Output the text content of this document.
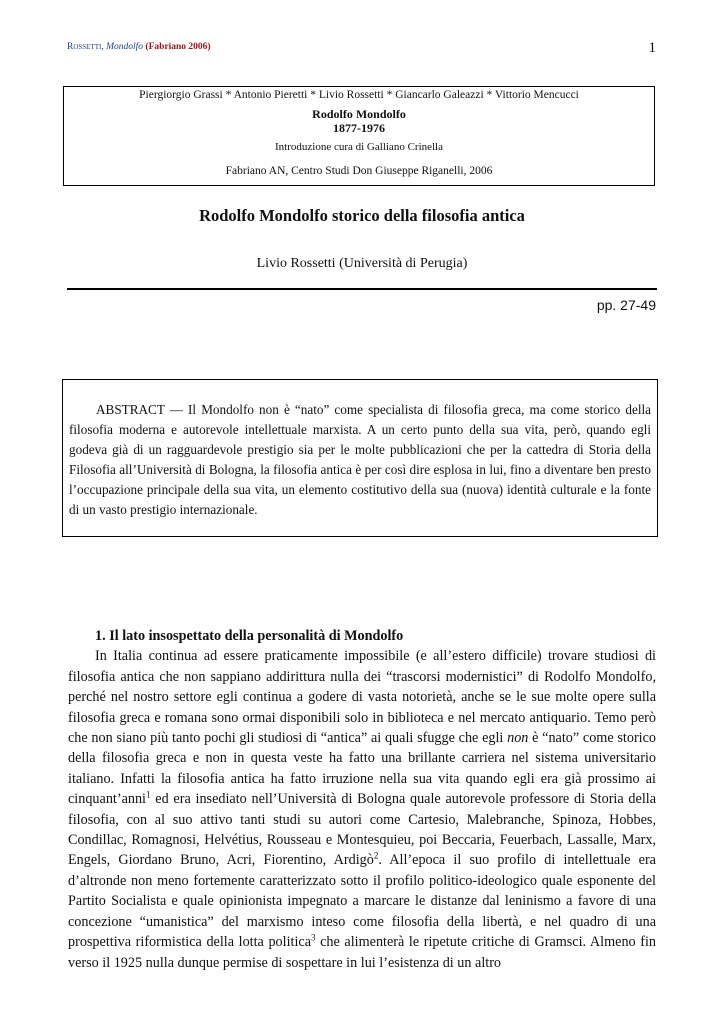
Rossetti, Mondolfo (Fabriano 2006)	1
Piergiorgio Grassi * Antonio Pieretti * Livio Rossetti * Giancarlo Galeazzi * Vittorio Mencucci
Rodolfo Mondolfo
1877-1976
Introduzione cura di Galliano Crinella
Fabriano AN, Centro Studi Don Giuseppe Riganelli, 2006
Rodolfo Mondolfo storico della filosofia antica
Livio Rossetti (Università di Perugia)
pp. 27-49
ABSTRACT — Il Mondolfo non è “nato” come specialista di filosofia greca, ma come storico della filosofia moderna e autorevole intellettuale marxista. A un certo punto della sua vita, però, quando egli godeva già di un ragguardevole prestigio sia per le molte pubblicazioni che per la cattedra di Storia della Filosofia all’Università di Bologna, la filosofia antica è per così dire esplosa in lui, fino a diventare ben presto l’occupazione principale della sua vita, un elemento costitutivo della sua (nuova) identità culturale e la fonte di un vasto prestigio internazionale.

1. Il lato insospettato della personalità di Mondolfo

In Italia continua ad essere praticamente impossibile (e all’estero difficile) trovare studiosi di filosofia antica che non sappiano addirittura nulla dei “trascorsi modernistici” di Rodolfo Mondolfo, perché nel nostro settore egli continua a godere di vasta notorietà, anche se le sue molte opere sulla filosofia greca e romana sono ormai disponibili solo in biblioteca e nel mercato antiquario. Temo però che non siano più tanto pochi gli studiosi di “antica” ai quali sfugge che egli non è “nato” come storico della filosofia greca e non in questa veste ha fatto una brillante carriera nel sistema universitario italiano. Infatti la filosofia antica ha fatto irruzione nella sua vita quando egli era già prossimo ai cinquant’anni$^1$ ed era insediato nell’Università di Bologna quale autorevole professore di Storia della filosofia, con al suo attivo tanti studi su autori come Cartesio, Malebranche, Spinoza, Hobbes, Condillac, Romagnosi, Helvétius, Rousseau e Montesquieu, poi Beccaria, Feuerbach, Lassalle, Marx, Engels, Giordano Bruno, Acri, Fiorentino, Ardigò$^2$. All’epoca il suo profilo di intellettuale era d’altronde non meno fortemente caratterizzato sotto il profilo politico-ideologico quale esponente del Partito Socialista e quale opinionista impegnato a marcare le distanze dal leninismo a favore di una concezione “umanistica” del marxismo inteso come filosofia della libertà, e nel quadro di una prospettiva riformistica della lotta politica$^3$ che alimenterà le ripetute critiche di Gramsci. Almeno fin verso il 1925 nulla dunque permise di sospettare in lui l’esistenza di un altro
